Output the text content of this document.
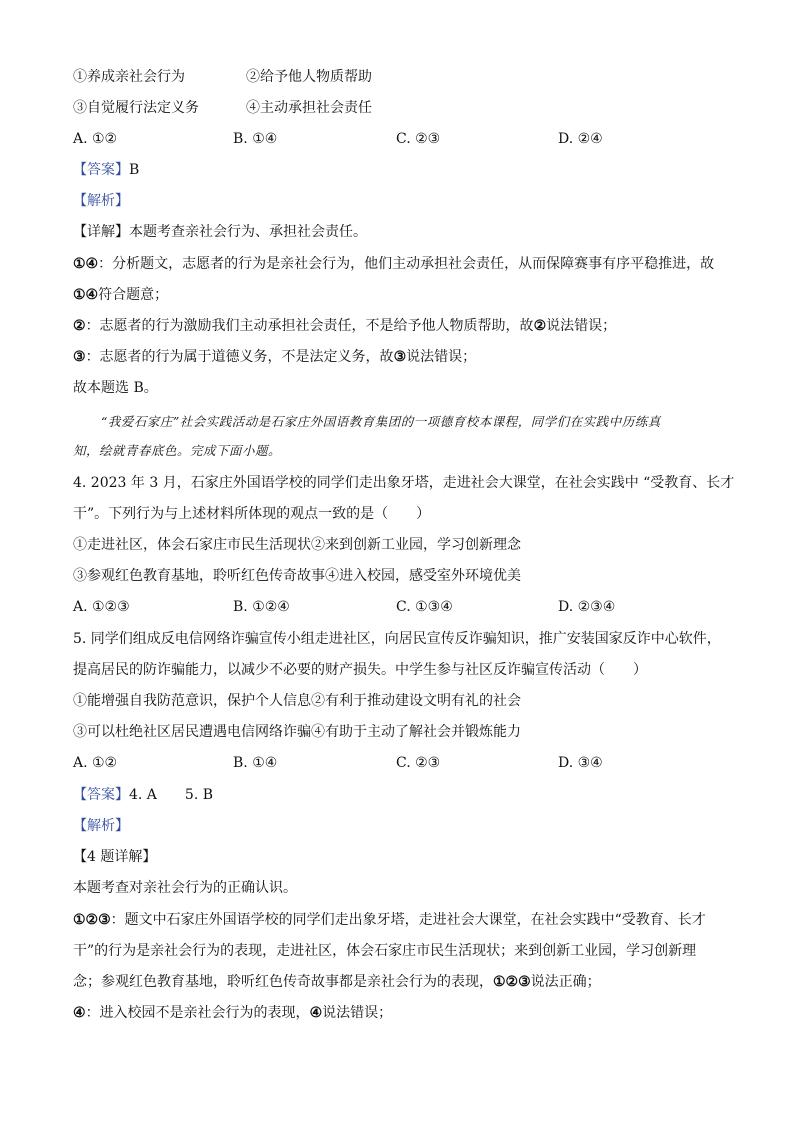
①养成亲社会行为	②给予他人物质帮助
③自觉履行法定义务	④主动承担社会责任
A. ①②	B. ①④	C. ②③	D. ②④
【答案】B
【解析】
【详解】本题考查亲社会行为、承担社会责任。
①④：分析题文，志愿者的行为是亲社会行为，他们主动承担社会责任，从而保障赛事有序平稳推进，故
①④符合题意；
②：志愿者的行为激励我们主动承担社会责任，不是给予他人物质帮助，故②说法错误；
③：志愿者的行为属于道德义务，不是法定义务，故③说法错误；
故本题选 B。
“我爱石家庄”社会实践活动是石家庄外国语教育集团的一项德育校本课程，同学们在实践中历练真
知，绘就青春底色。完成下面小题。
4. 2023 年 3 月，石家庄外国语学校的同学们走出象牙塔，走进社会大课堂，在社会实践中 “受教育、长才
干”。下列行为与上述材料所体现的观点一致的是（　　）
①走进社区，体会石家庄市民生活现状②来到创新工业园，学习创新理念
③参观红色教育基地，聆听红色传奇故事④进入校园，感受室外环境优美
A. ①②③	B. ①②④	C. ①③④	D. ②③④
5. 同学们组成反电信网络诈骗宣传小组走进社区，向居民宣传反诈骗知识，推广安装国家反诈中心软件，
提高居民的防诈骗能力，以减少不必要的财产损失。中学生参与社区反诈骗宣传活动（　　）
①能增强自我防范意识，保护个人信息②有利于推动建设文明有礼的社会
③可以杜绝社区居民遭遇电信网络诈骗④有助于主动了解社会并锻炼能力
A. ①②	B. ①④	C. ②③	D. ③④
【答案】4. A　　5. B
【解析】
【4 题详解】
本题考查对亲社会行为的正确认识。
①②③：题文中石家庄外国语学校的同学们走出象牙塔，走进社会大课堂，在社会实践中“受教育、长才
干”的行为是亲社会行为的表现，走进社区，体会石家庄市民生活现状；来到创新工业园，学习创新理
念；参观红色教育基地，聆听红色传奇故事都是亲社会行为的表现，①②③说法正确；
④：进入校园不是亲社会行为的表现，④说法错误；
